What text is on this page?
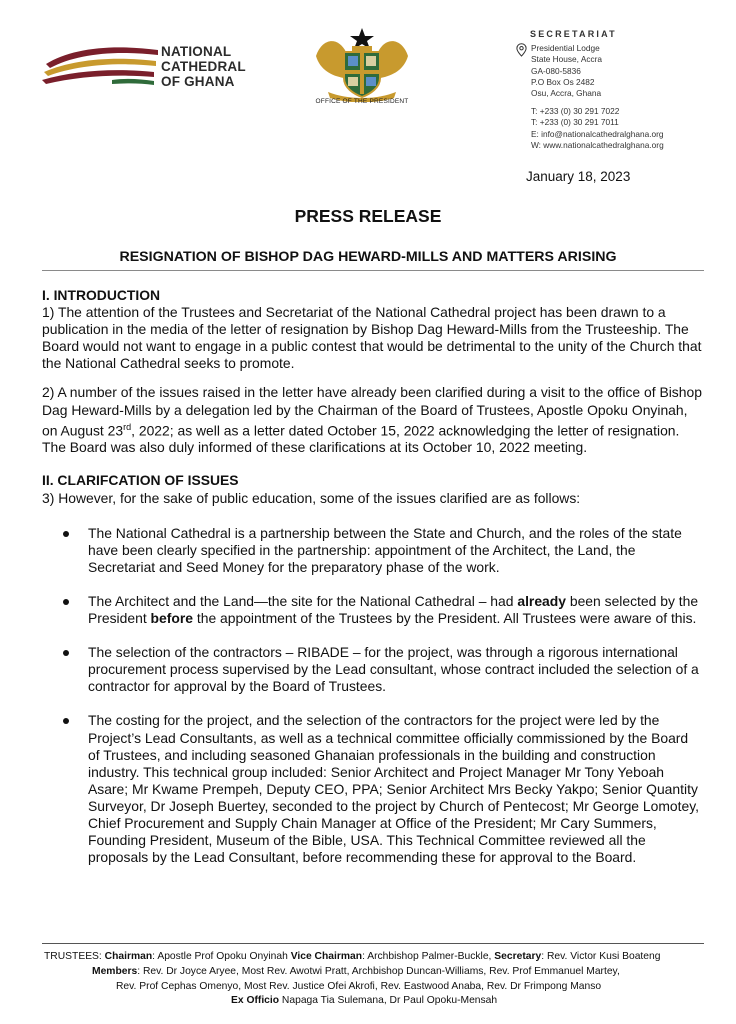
NATIONAL
CATHEDRAL
OF GHANA
OFFICE OF THE PRESIDENT
SECRETARIAT
Presidential Lodge
State House, Accra
GA-080-5836
P.O Box Os 2482
Osu, Accra, Ghana
T: +233 (0) 30 291 7022
T: +233 (0) 30 291 7011
E: info@nationalcathedralghana.org
W: www.nationalcathedralghana.org
January 18, 2023
PRESS RELEASE
RESIGNATION OF BISHOP DAG HEWARD-MILLS AND MATTERS ARISING

I. INTRODUCTION

1) The attention of the Trustees and Secretariat of the National Cathedral project has been drawn to a publication in the media of the letter of resignation by Bishop Dag Heward-Mills from the Trusteeship. The Board would not want to engage in a public contest that would be detrimental to the unity of the Church that the National Cathedral seeks to promote.

2) A number of the issues raised in the letter have already been clarified during a visit to the office of Bishop Dag Heward-Mills by a delegation led by the Chairman of the Board of Trustees, Apostle Opoku Onyinah, on August 23rd, 2022; as well as a letter dated October 15, 2022 acknowledging the letter of resignation. The Board was also duly informed of these clarifications at its October 10, 2022 meeting.

II. CLARIFCATION OF ISSUES

3) However, for the sake of public education, some of the issues clarified are as follows:

The National Cathedral is a partnership between the State and Church, and the roles of the state have been clearly specified in the partnership: appointment of the Architect, the Land, the Secretariat and Seed Money for the preparatory phase of the work.
The Architect and the Land—the site for the National Cathedral – had already been selected by the President before the appointment of the Trustees by the President. All Trustees were aware of this.
The selection of the contractors – RIBADE – for the project, was through a rigorous international procurement process supervised by the Lead consultant, whose contract included the selection of a contractor for approval by the Board of Trustees.
The costing for the project, and the selection of the contractors for the project were led by the Project’s Lead Consultants, as well as a technical committee officially commissioned by the Board of Trustees, and including seasoned Ghanaian professionals in the building and construction industry. This technical group included: Senior Architect and Project Manager Mr Tony Yeboah Asare; Mr Kwame Prempeh, Deputy CEO, PPA; Senior Architect Mrs Becky Yakpo; Senior Quantity Surveyor, Dr Joseph Buertey, seconded to the project by Church of Pentecost; Mr George Lomotey, Chief Procurement and Supply Chain Manager at Office of the President; Mr Cary Summers, Founding President, Museum of the Bible, USA. This Technical Committee reviewed all the proposals by the Lead Consultant, before recommending these for approval to the Board.
TRUSTEES: Chairman: Apostle Prof Opoku Onyinah Vice Chairman: Archbishop Palmer-Buckle, Secretary: Rev. Victor Kusi Boateng
Members: Rev. Dr Joyce Aryee, Most Rev. Awotwi Pratt, Archbishop Duncan-Williams, Rev. Prof Emmanuel Martey,
Rev. Prof Cephas Omenyo, Most Rev. Justice Ofei Akrofi, Rev. Eastwood Anaba, Rev. Dr Frimpong Manso
Ex Officio Napaga Tia Sulemana, Dr Paul Opoku-Mensah
